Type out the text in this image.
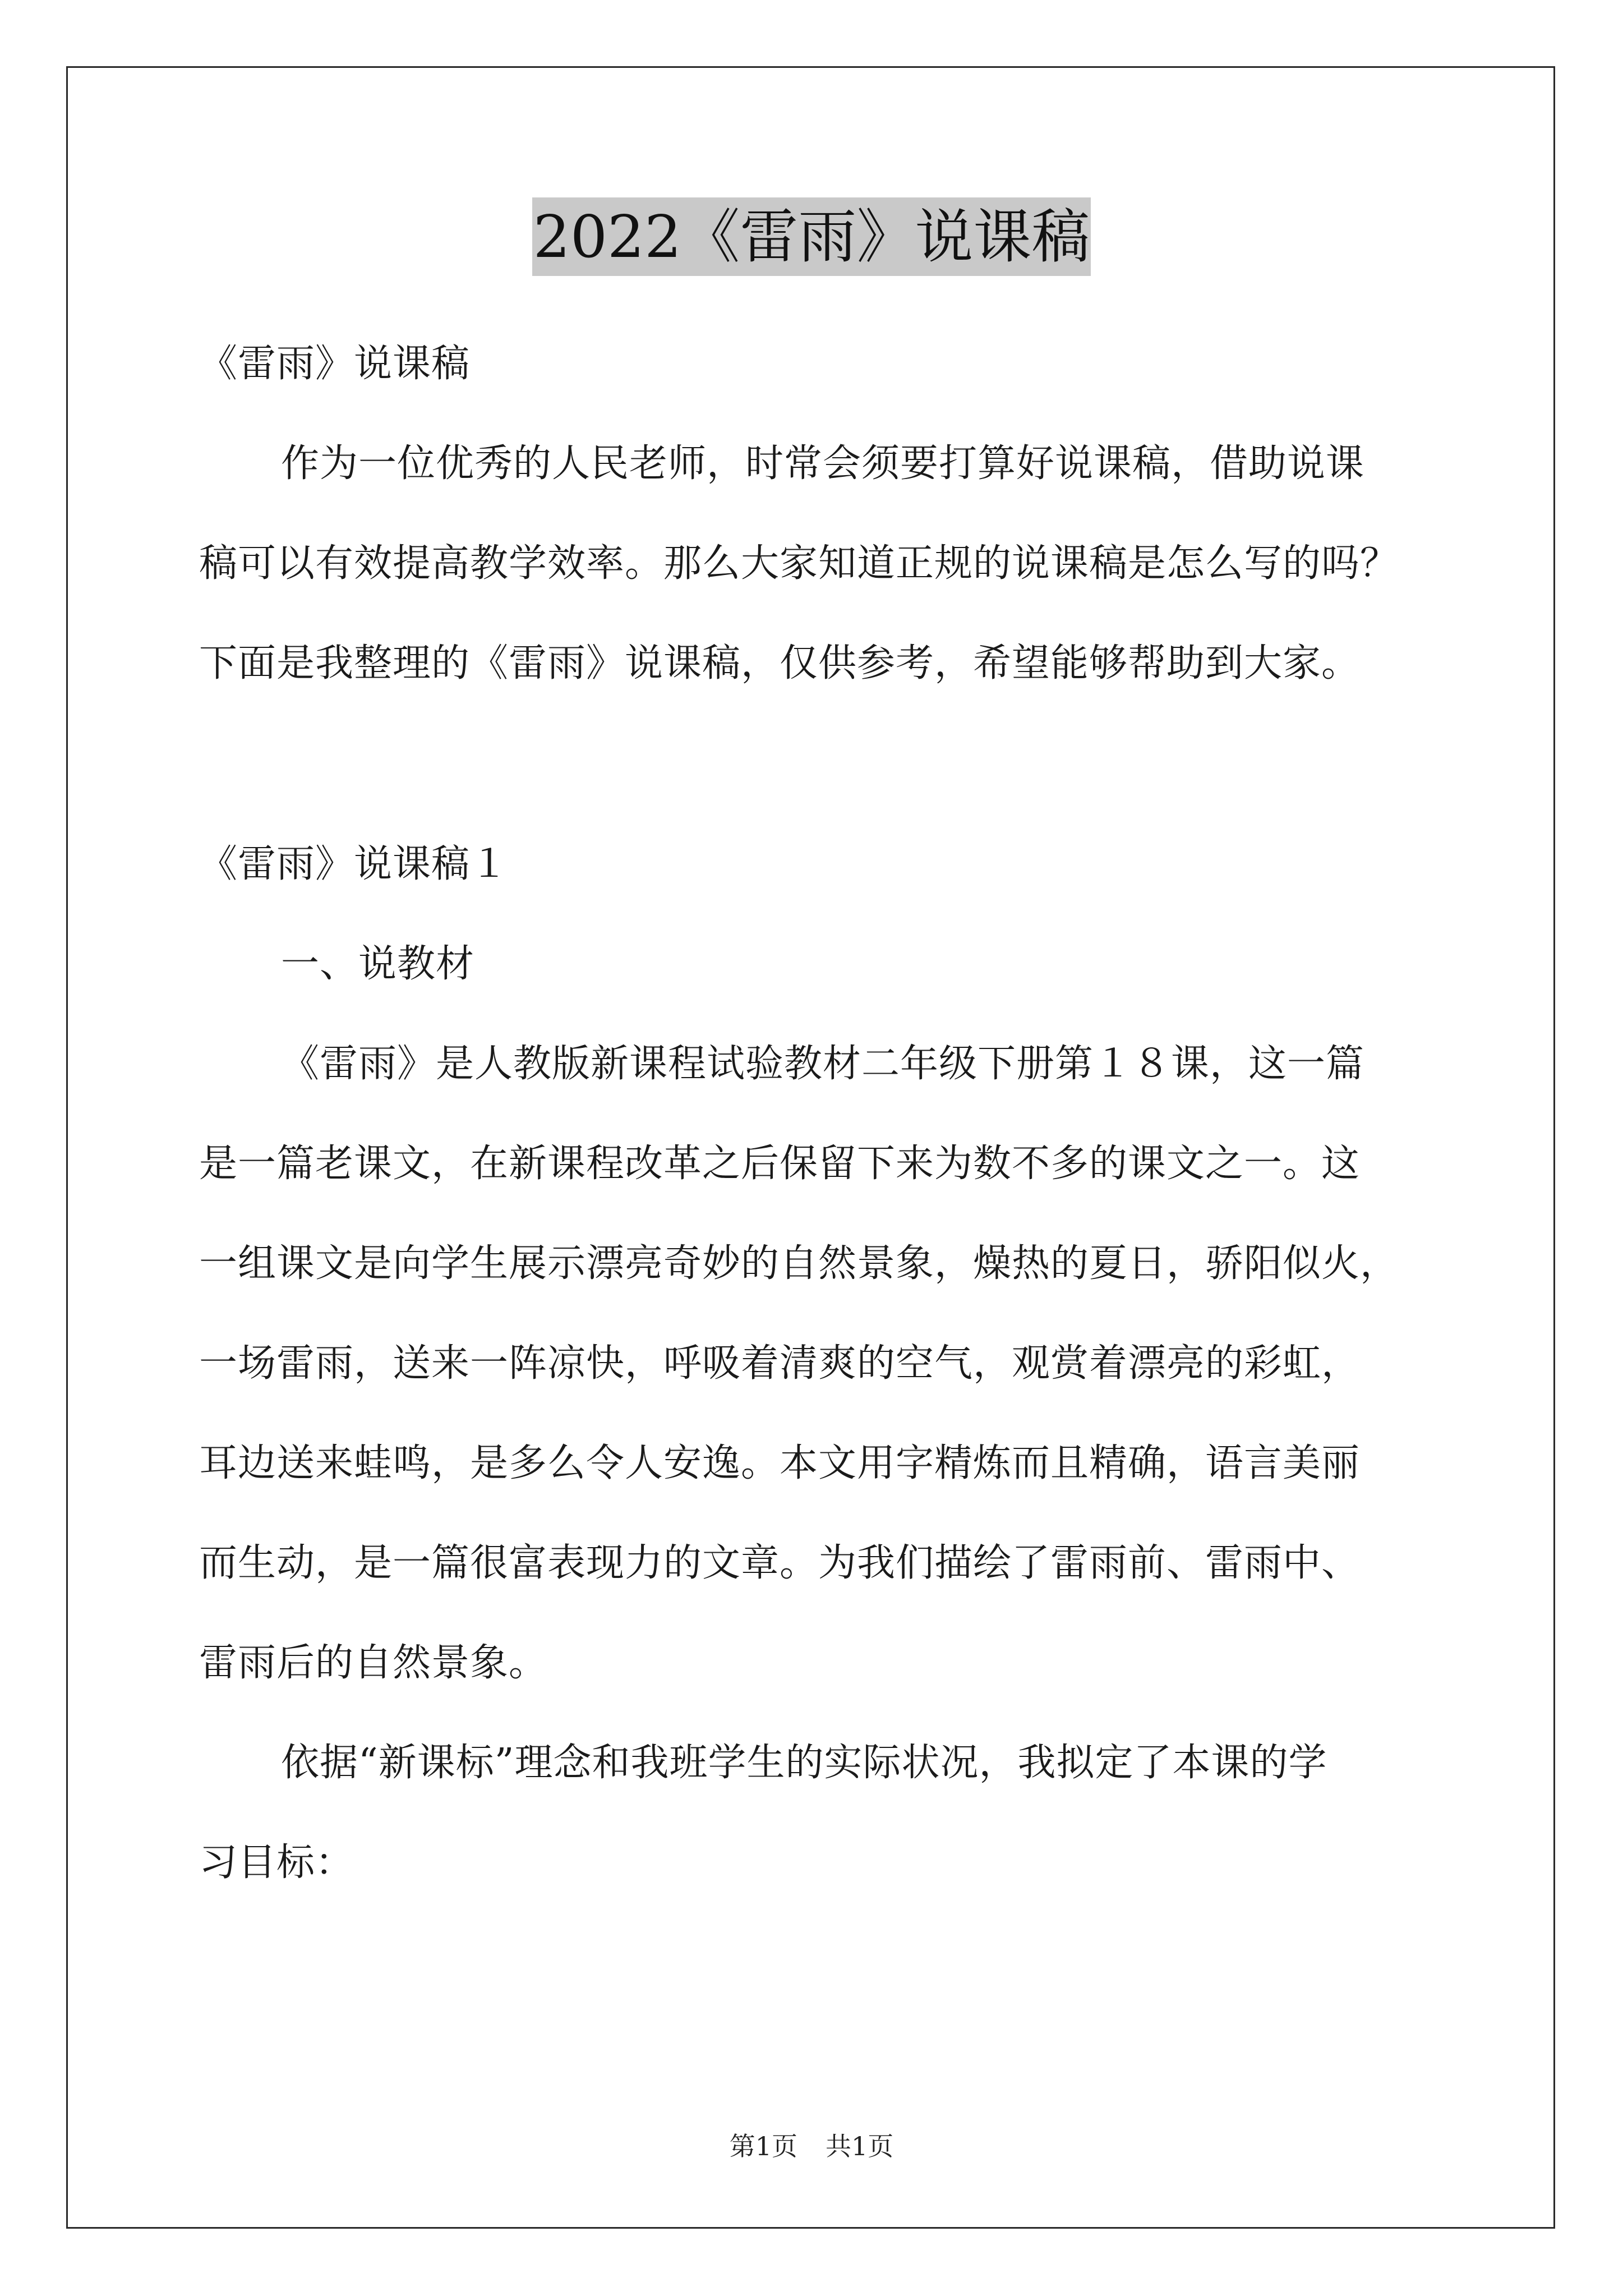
2022《雷雨》说课稿
《雷雨》说课稿
作为一位优秀的人民老师，时常会须要打算好说课稿，借助说课
稿可以有效提高教学效率。那么大家知道正规的说课稿是怎么写的吗？
下面是我整理的《雷雨》说课稿，仅供参考，希望能够帮助到大家。
《雷雨》说课稿１
一、说教材
《雷雨》是人教版新课程试验教材二年级下册第１８课，这一篇
是一篇老课文，在新课程改革之后保留下来为数不多的课文之一。这
一组课文是向学生展示漂亮奇妙的自然景象，燥热的夏日，骄阳似火，
一场雷雨，送来一阵凉快，呼吸着清爽的空气，观赏着漂亮的彩虹，
耳边送来蛙鸣，是多么令人安逸。本文用字精炼而且精确，语言美丽
而生动，是一篇很富表现力的文章。为我们描绘了雷雨前、雷雨中、
雷雨后的自然景象。
依据“新课标”理念和我班学生的实际状况，我拟定了本课的学
习目标：
第1页 共1页
